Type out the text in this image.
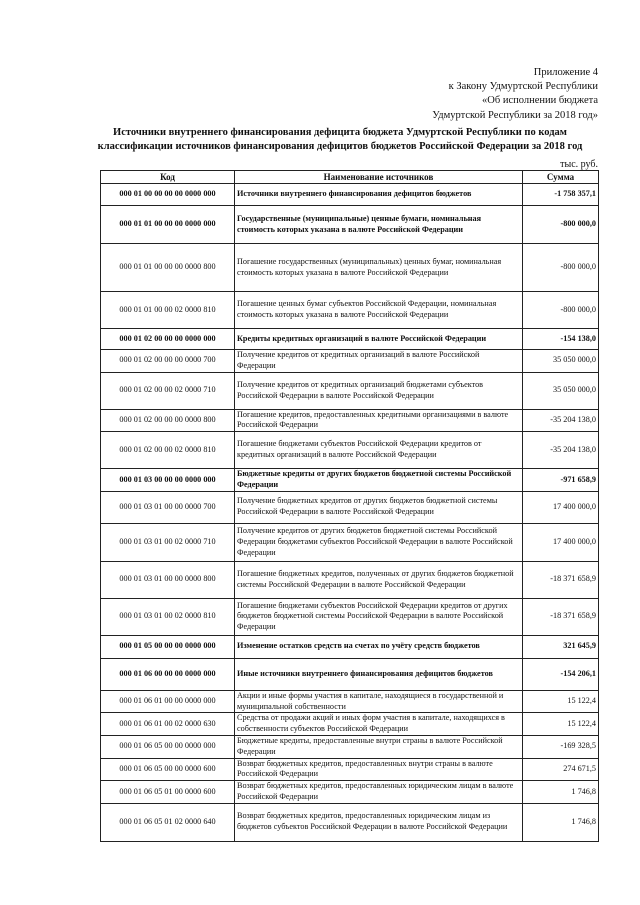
Приложение 4
к Закону Удмуртской Республики
«Об исполнении бюджета
Удмуртской Республики за 2018 год»
Источники внутреннего финансирования дефицита бюджета Удмуртской Республики по кодам
классификации источников финансирования дефицитов бюджетов Российской Федерации за 2018 год
тыс. руб.
Код	Наименование источников	Сумма
000 01 00 00 00 00 0000 000	Источники внутреннего финансирования дефицитов бюджетов	-1 758 357,1
000 01 01 00 00 00 0000 000	Государственные (муниципальные) ценные бумаги, номинальная стоимость которых указана в валюте Российской Федерации	-800 000,0
000 01 01 00 00 00 0000 800	Погашение государственных (муниципальных) ценных бумаг, номинальная стоимость которых указана в валюте Российской Федерации	-800 000,0
000 01 01 00 00 02 0000 810	Погашение ценных бумаг субъектов Российской Федерации, номинальная стоимость которых указана в валюте Российской Федерации	-800 000,0
000 01 02 00 00 00 0000 000	Кредиты кредитных организаций в валюте Российской Федерации	-154 138,0
000 01 02 00 00 00 0000 700	Получение кредитов от кредитных организаций в валюте Российской Федерации	35 050 000,0
000 01 02 00 00 02 0000 710	Получение кредитов от кредитных организаций бюджетами субъектов Российской Федерации в валюте Российской Федерации	35 050 000,0
000 01 02 00 00 00 0000 800	Погашение кредитов, предоставленных кредитными организациями в валюте Российской Федерации	-35 204 138,0
000 01 02 00 00 02 0000 810	Погашение бюджетами субъектов Российской Федерации кредитов от кредитных организаций в валюте Российской Федерации	-35 204 138,0
000 01 03 00 00 00 0000 000	Бюджетные кредиты от других бюджетов бюджетной системы Российской Федерации	-971 658,9
000 01 03 01 00 00 0000 700	Получение бюджетных кредитов от других бюджетов бюджетной системы Российской Федерации в валюте Российской Федерации	17 400 000,0
000 01 03 01 00 02 0000 710	Получение кредитов от других бюджетов бюджетной системы Российской Федерации бюджетами субъектов Российской Федерации в валюте Российской Федерации	17 400 000,0
000 01 03 01 00 00 0000 800	Погашение бюджетных кредитов, полученных от других бюджетов бюджетной системы Российской Федерации в валюте Российской Федерации	-18 371 658,9
000 01 03 01 00 02 0000 810	Погашение бюджетами субъектов Российской Федерации кредитов от других бюджетов бюджетной системы Российской Федерации в валюте Российской Федерации	-18 371 658,9
000 01 05 00 00 00 0000 000	Изменение остатков средств на счетах по учёту средств бюджетов	321 645,9
000 01 06 00 00 00 0000 000	Иные источники внутреннего финансирования дефицитов бюджетов	-154 206,1
000 01 06 01 00 00 0000 000	Акции и иные формы участия в капитале, находящиеся в государственной и муниципальной собственности	15 122,4
000 01 06 01 00 02 0000 630	Средства от продажи акций и иных форм участия в капитале, находящихся в собственности субъектов Российской Федерации	15 122,4
000 01 06 05 00 00 0000 000	Бюджетные кредиты, предоставленные внутри страны в валюте Российской Федерации	-169 328,5
000 01 06 05 00 00 0000 600	Возврат бюджетных кредитов, предоставленных внутри страны в валюте Российской Федерации	274 671,5
000 01 06 05 01 00 0000 600	Возврат бюджетных кредитов, предоставленных юридическим лицам в валюте Российской Федерации	1 746,8
000 01 06 05 01 02 0000 640	Возврат бюджетных кредитов, предоставленных юридическим лицам из бюджетов субъектов Российской Федерации в валюте Российской Федерации	1 746,8
